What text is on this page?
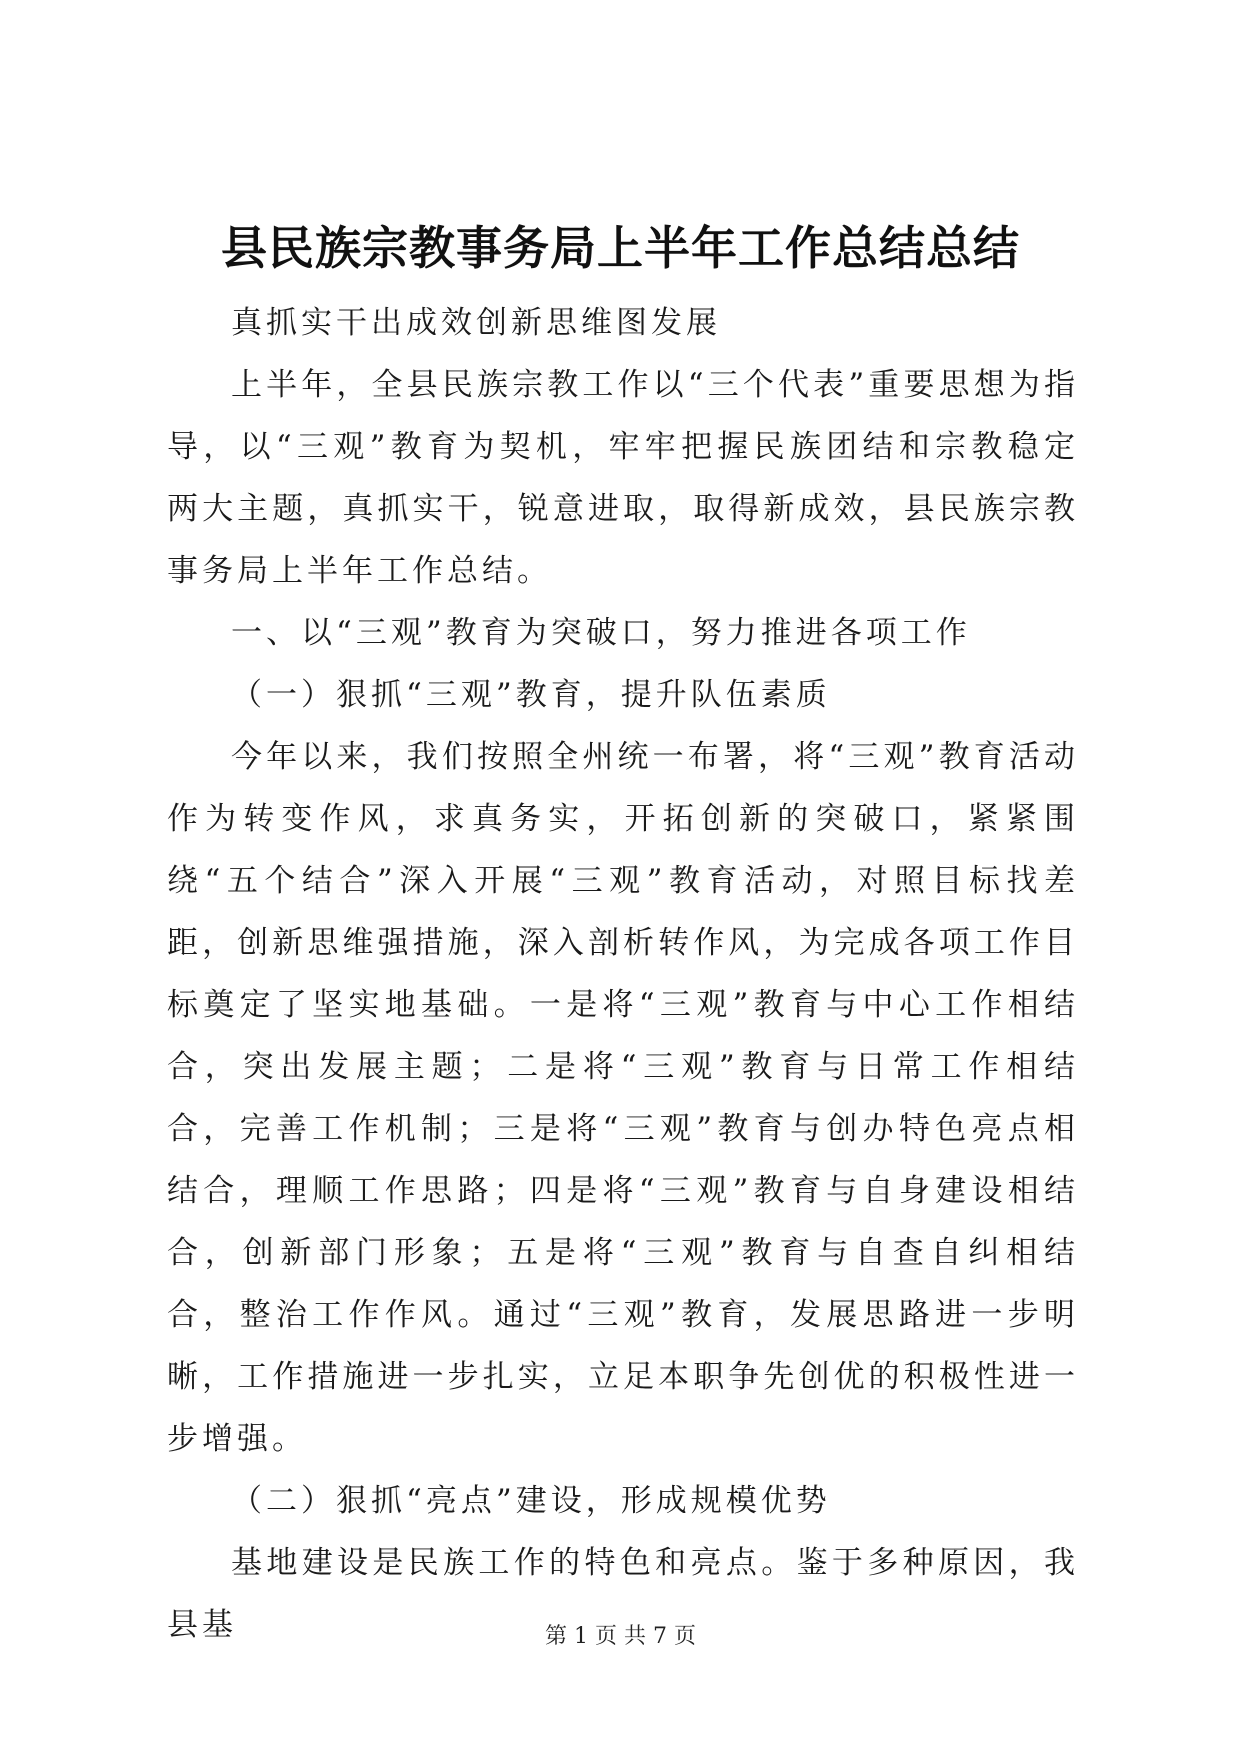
县民族宗教事务局上半年工作总结总结

真抓实干出成效创新思维图发展

上半年，全县民族宗教工作以“三个代表”重要思想为指导，以“三观”教育为契机，牢牢把握民族团结和宗教稳定两大主题，真抓实干，锐意进取，取得新成效，县民族宗教事务局上半年工作总结。

一、以“三观”教育为突破口，努力推进各项工作

（一）狠抓“三观”教育，提升队伍素质

今年以来，我们按照全州统一布署，将“三观”教育活动作为转变作风，求真务实，开拓创新的突破口，紧紧围绕“五个结合”深入开展“三观”教育活动，对照目标找差距，创新思维强措施，深入剖析转作风，为完成各项工作目标奠定了坚实地基础。一是将“三观”教育与中心工作相结合，突出发展主题；二是将“三观”教育与日常工作相结合，完善工作机制；三是将“三观”教育与创办特色亮点相结合，理顺工作思路；四是将“三观”教育与自身建设相结合，创新部门形象；五是将“三观”教育与自查自纠相结合，整治工作作风。通过“三观”教育，发展思路进一步明晰，工作措施进一步扎实，立足本职争先创优的积极性进一步增强。

（二）狠抓“亮点”建设，形成规模优势

基地建设是民族工作的特色和亮点。鉴于多种原因，我县基	第 1 页 共 7 页
